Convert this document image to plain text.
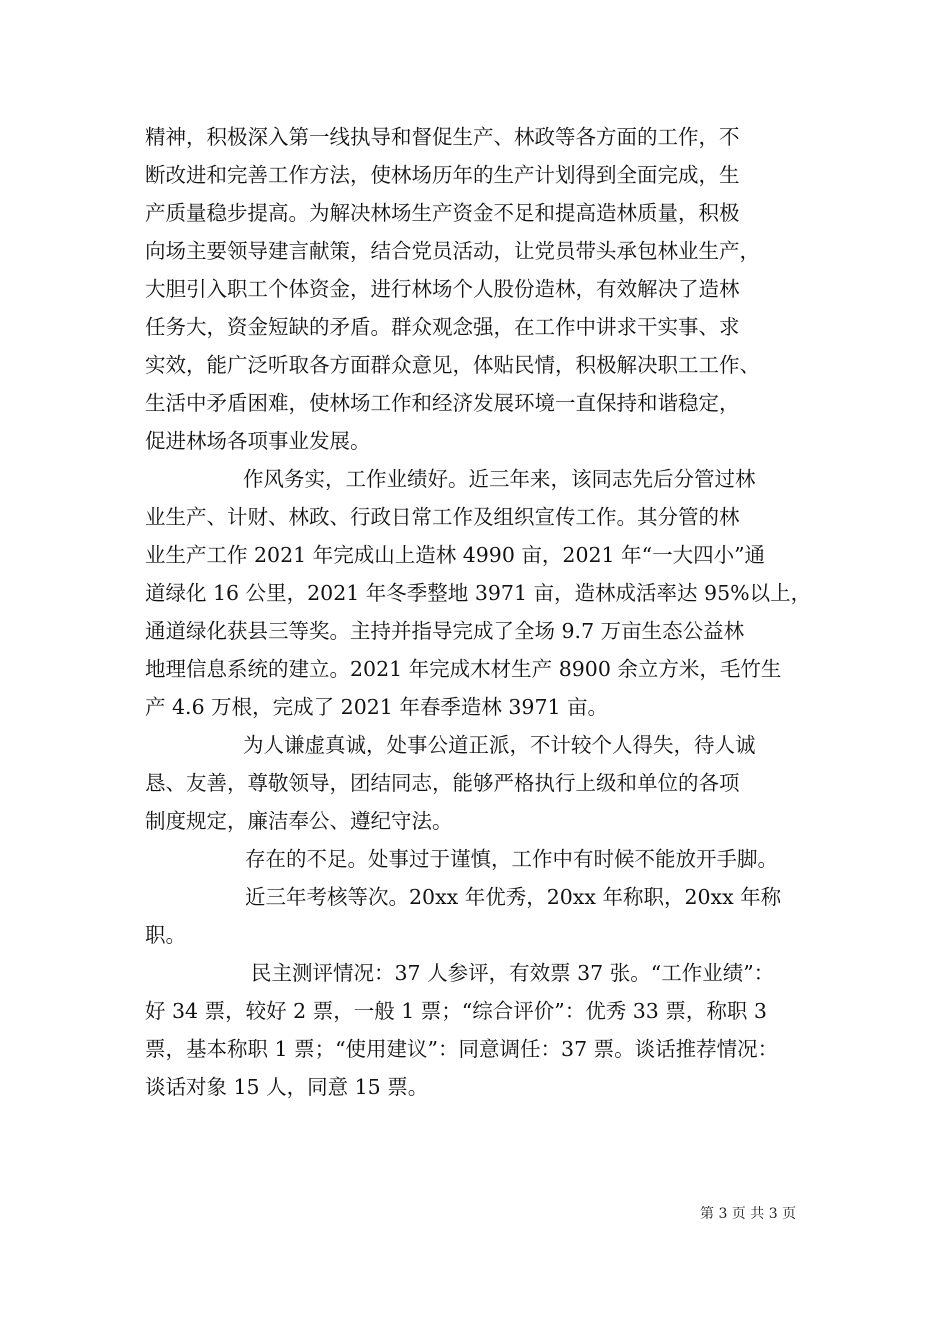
精神，积极深入第一线执导和督促生产、林政等各方面的工作，不
断改进和完善工作方法，使林场历年的生产计划得到全面完成，生
产质量稳步提高。为解决林场生产资金不足和提高造林质量，积极
向场主要领导建言献策，结合党员活动，让党员带头承包林业生产，
大胆引入职工个体资金，进行林场个人股份造林，有效解决了造林
任务大，资金短缺的矛盾。群众观念强，在工作中讲求干实事、求
实效，能广泛听取各方面群众意见，体贴民情，积极解决职工工作、
生活中矛盾困难，使林场工作和经济发展环境一直保持和谐稳定，
促进林场各项事业发展。
作风务实，工作业绩好。近三年来，该同志先后分管过林
业生产、计财、林政、行政日常工作及组织宣传工作。其分管的林
业生产工作 2021 年完成山上造林 4990 亩，2021 年“一大四小”通
道绿化 16 公里，2021 年冬季整地 3971 亩，造林成活率达 95%以上，
通道绿化获县三等奖。主持并指导完成了全场 9.7 万亩生态公益林
地理信息系统的建立。2021 年完成木材生产 8900 余立方米，毛竹生
产 4.6 万根，完成了 2021 年春季造林 3971 亩。
为人谦虚真诚，处事公道正派，不计较个人得失，待人诚
恳、友善，尊敬领导，团结同志，能够严格执行上级和单位的各项
制度规定，廉洁奉公、遵纪守法。
存在的不足。处事过于谨慎，工作中有时候不能放开手脚。
近三年考核等次。20xx 年优秀，20xx 年称职，20xx 年称
职。
民主测评情况：37 人参评，有效票 37 张。“工作业绩”：
好 34 票，较好 2 票，一般 1 票；“综合评价”：优秀 33 票，称职 3
票，基本称职 1 票；“使用建议”：同意调任：37 票。谈话推荐情况：
谈话对象 15 人，同意 15 票。
第 3 页 共 3 页
